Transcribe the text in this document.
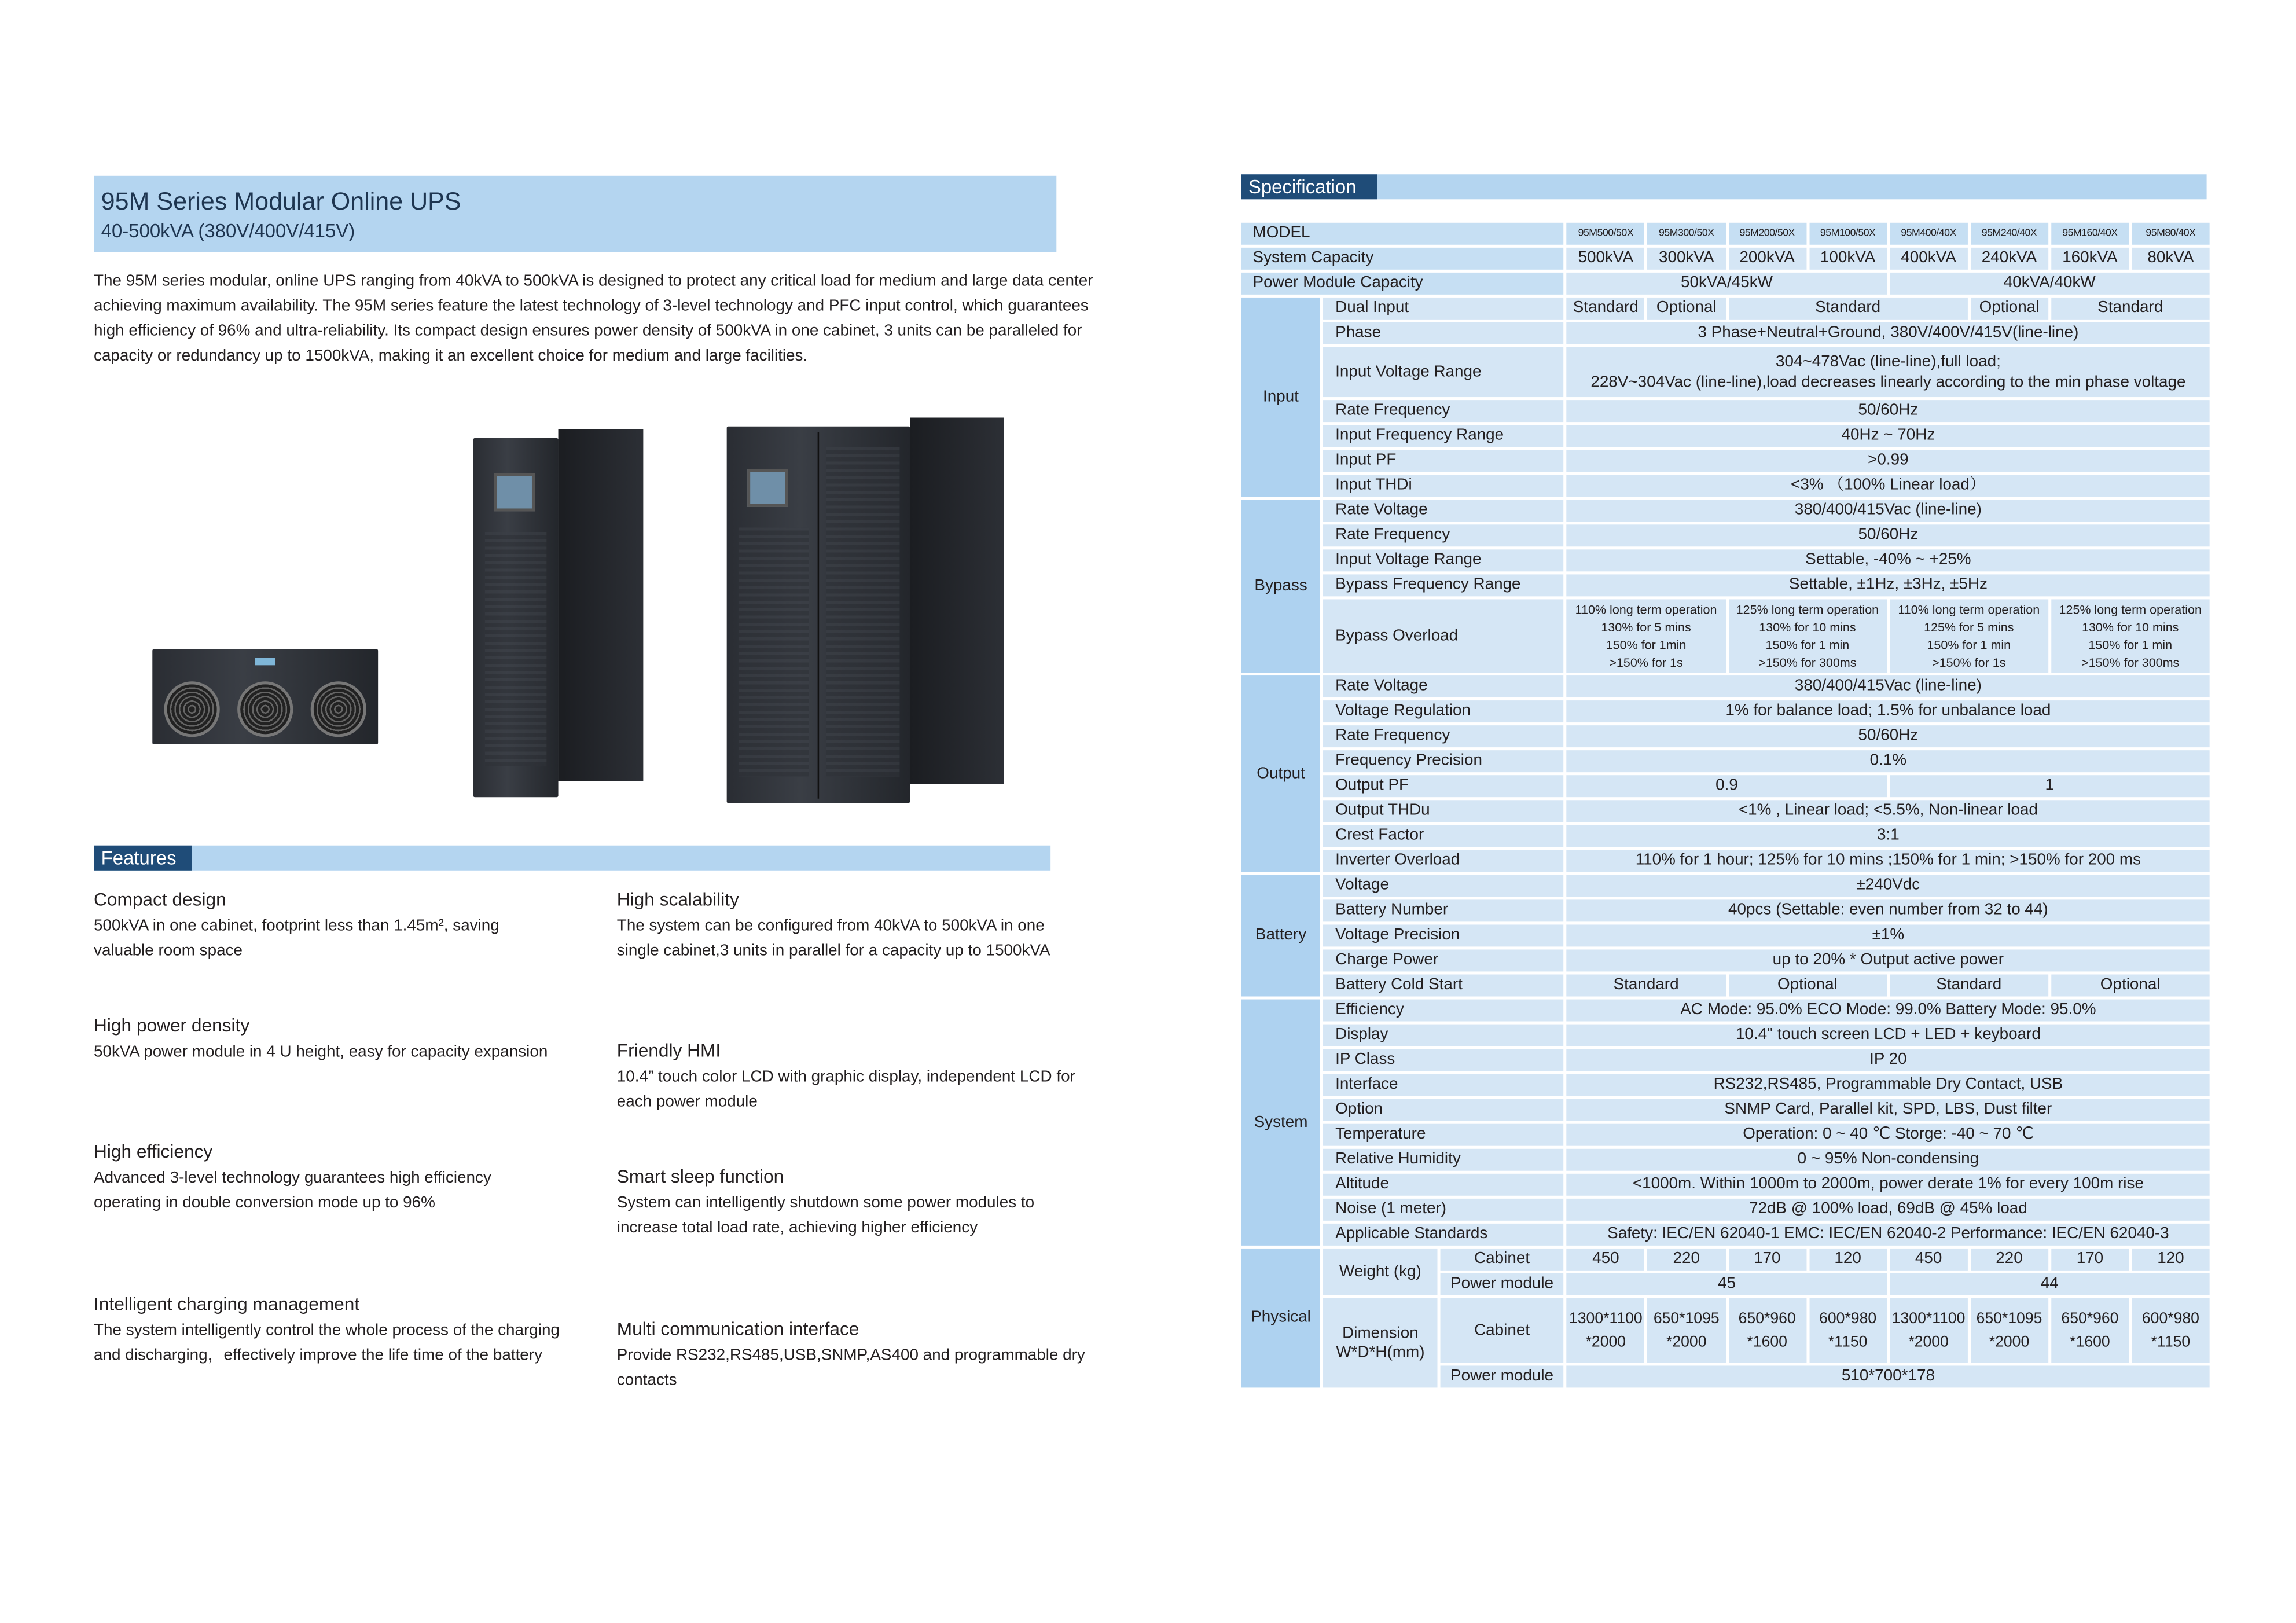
95M Series Modular Online UPS
40-500kVA (380V/400V/415V)
The 95M series modular, online UPS ranging from 40kVA to 500kVA is designed to protect any critical load for medium and large data center achieving maximum availability. The 95M series feature the latest technology of 3-level technology and PFC input control, which guarantees high efficiency of 96% and ultra-reliability. Its compact design ensures power density of 500kVA in one cabinet, 3 units can be paralleled for capacity or redundancy up to 1500kVA, making it an excellent choice for medium and large facilities.
Features
Compact design

500kVA in one cabinet, footprint less than 1.45m², saving valuable room space

High power density

50kVA power module in 4 U height, easy for capacity expansion

High efficiency

Advanced 3-level technology guarantees high efficiency operating in double conversion mode up to 96%

Intelligent charging management

The system intelligently control the whole process of the charging and discharging，effectively improve the life time of the battery

High scalability

The system can be configured from 40kVA to 500kVA in one single cabinet,3 units in parallel for a capacity up to 1500kVA

Friendly HMI

10.4” touch color LCD with graphic display, independent LCD for each power module

Smart sleep function

System can intelligently shutdown some power modules to increase total load rate, achieving higher efficiency

Multi communication interface

Provide RS232,RS485,USB,SNMP,AS400 and programmable dry contacts

Specification
MODEL			95M500/50X	95M300/50X	95M200/50X	95M100/50X	95M400/40X	95M240/40X	95M160/40X	95M80/40X
System Capacity			500kVA	300kVA	200kVA	100kVA	400kVA	240kVA	160kVA	80kVA
Power Module Capacity			50kVA/45kW				40kVA/40kW			
Input	Dual Input		Standard	Optional	Standard			Optional	Standard	
	Phase		3 Phase+Neutral+Ground, 380V/400V/415V(line-line)							
	Input Voltage Range		304~478Vac (line-line),full load;
228V~304Vac (line-line),load decreases linearly according to the min phase voltage							
	Rate Frequency		50/60Hz							
	Input Frequency Range		40Hz ~ 70Hz							
	Input PF		>0.99							
	Input THDi		<3% （100% Linear load）							
Bypass	Rate Voltage		380/400/415Vac (line-line)							
	Rate Frequency		50/60Hz							
	Input Voltage Range		Settable, -40% ~ +25%							
	Bypass Frequency Range		Settable, ±1Hz, ±3Hz, ±5Hz							
	Bypass Overload		110% long term operation
130% for 5 mins
150% for 1min
>150% for 1s		125% long term operation
130% for 10 mins
150% for 1 min
>150% for 300ms		110% long term operation
125% for 5 mins
150% for 1 min
>150% for 1s		125% long term operation
130% for 10 mins
150% for 1 min
>150% for 300ms	
Output	Rate Voltage		380/400/415Vac (line-line)							
	Voltage Regulation		1% for balance load; 1.5% for unbalance load							
	Rate Frequency		50/60Hz							
	Frequency Precision		0.1%							
	Output PF		0.9				1			
	Output THDu		<1% , Linear load; <5.5%, Non-linear load							
	Crest Factor		3:1							
	Inverter Overload		110% for 1 hour; 125% for 10 mins ;150% for 1 min; >150% for 200 ms							
Battery	Voltage		±240Vdc							
	Battery Number		40pcs (Settable: even number from 32 to 44)							
	Voltage Precision		±1%							
	Charge Power		up to 20% * Output active power							
	Battery Cold Start		Standard		Optional		Standard		Optional	
System	Efficiency		AC Mode: 95.0% ECO Mode: 99.0% Battery Mode: 95.0%							
	Display		10.4" touch screen LCD + LED + keyboard							
	IP Class		IP 20							
	Interface		RS232,RS485, Programmable Dry Contact, USB							
	Option		SNMP Card, Parallel kit, SPD, LBS, Dust filter							
	Temperature		Operation: 0 ~ 40 ℃ Storge: -40 ~ 70 ℃							
	Relative Humidity		0 ~ 95% Non-condensing							
	Altitude		<1000m. Within 1000m to 2000m, power derate 1% for every 100m rise							
	Noise (1 meter)		72dB @ 100% load, 69dB @ 45% load							
	Applicable Standards		Safety: IEC/EN 62040-1 EMC: IEC/EN 62040-2 Performance: IEC/EN 62040-3							
Physical	Weight (kg)	Cabinet	450	220	170	120	450	220	170	120
		Power module	45				44			
	Dimension
W*D*H(mm)	Cabinet	1300*1100
*2000	650*1095
*2000	650*960
*1600	600*980
*1150	1300*1100
*2000	650*1095
*2000	650*960
*1600	600*980
*1150
		Power module	510*700*178							
